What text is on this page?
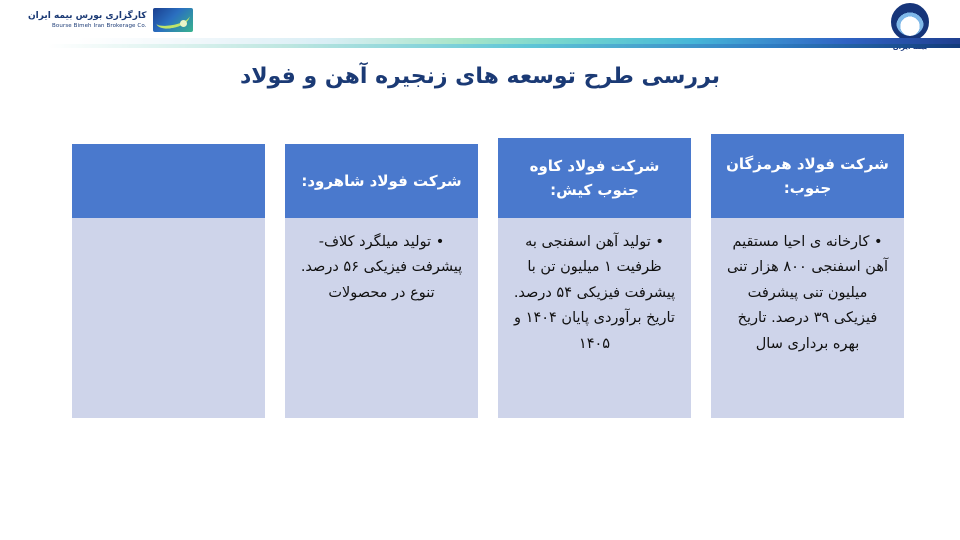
کارگزاری بورس بیمه ایران
Bourse Bimeh Iran Brokerage Co.
بررسی طرح توسعه های زنجیره آهن و فولاد
شرکت فولاد هرمزگان جنوب:
• کارخانه ی احیا مستقیم آهن اسفنجی ۸۰۰ هزار تنی میلیون تنی پیشرفت فیزیکی ۳۹ درصد. تاریخ بهره برداری سال
شرکت فولاد کاوه جنوب کیش:
• تولید آهن اسفنجی به ظرفیت ۱ میلیون تن با پیشرفت فیزیکی ۵۴ درصد. تاریخ برآوردی پایان ۱۴۰۴ و ۱۴۰۵
شرکت فولاد شاهرود:
• تولید میلگرد کلاف- پیشرفت فیزیکی ۵۶ درصد. تنوع در محصولات
